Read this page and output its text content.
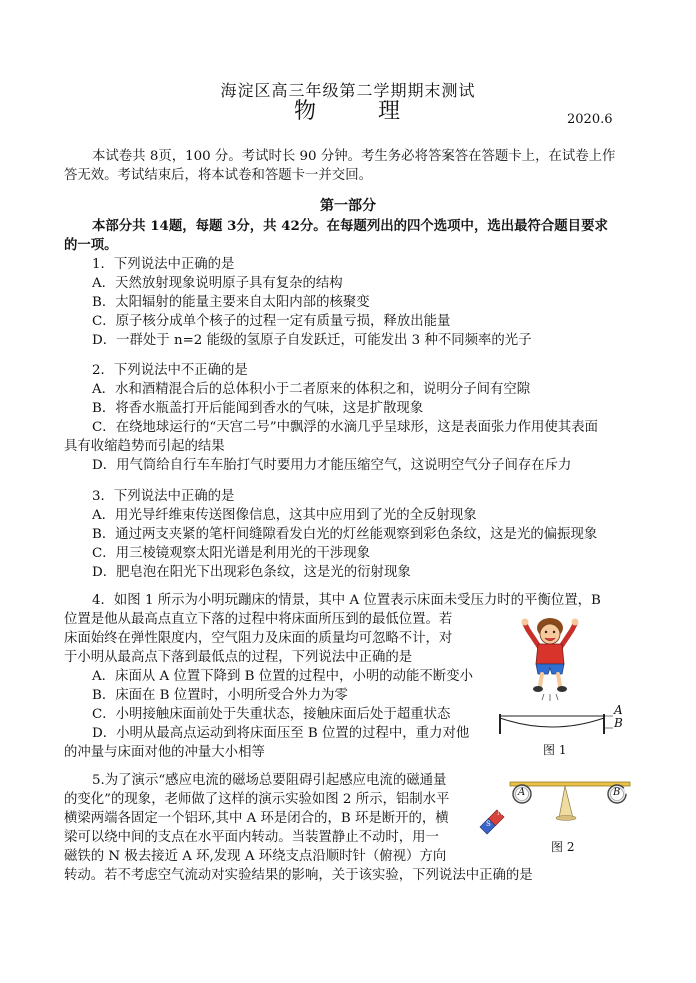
海淀区高三年级第二学期期末测试
物	理	2020.6
本试卷共 8页，100 分。考试时长 90 分钟。考生务必将答案答在答题卡上，在试卷上作
答无效。考试结束后，将本试卷和答题卡一并交回。
第一部分
本部分共 14题，每题 3分，共 42分。在每题列出的四个选项中，选出最符合题目要求
的一项。
1．下列说法中正确的是
A．天然放射现象说明原子具有复杂的结构
B．太阳辐射的能量主要来自太阳内部的核聚变
C．原子核分成单个核子的过程一定有质量亏损，释放出能量
D．一群处于 n=2 能级的氢原子自发跃迁，可能发出 3 种不同频率的光子
2．下列说法中不正确的是
A．水和酒精混合后的总体积小于二者原来的体积之和，说明分子间有空隙
B．将香水瓶盖打开后能闻到香水的气味，这是扩散现象
C．在绕地球运行的“天宫二号”中飘浮的水滴几乎呈球形，这是表面张力作用使其表面
具有收缩趋势而引起的结果
D．用气筒给自行车车胎打气时要用力才能压缩空气，这说明空气分子间存在斥力
3．下列说法中正确的是
A．用光导纤维束传送图像信息，这其中应用到了光的全反射现象
B．通过两支夹紧的笔杆间缝隙看发白光的灯丝能观察到彩色条纹，这是光的偏振现象
C．用三棱镜观察太阳光谱是利用光的干涉现象
D．肥皂泡在阳光下出现彩色条纹，这是光的衍射现象
4．如图 1 所示为小明玩蹦床的情景，其中 A 位置表示床面未受压力时的平衡位置，B
位置是他从最高点直立下落的过程中将床面所压到的最低位置。若
床面始终在弹性限度内，空气阻力及床面的质量均可忽略不计，对
于小明从最高点下落到最低点的过程，下列说法中正确的是
A．床面从 A 位置下降到 B 位置的过程中，小明的动能不断变小
B．床面在 B 位置时，小明所受合外力为零
C．小明接触床面前处于失重状态，接触床面后处于超重状态
D．小明从最高点运动到将床面压至 B 位置的过程中，重力对他
的冲量与床面对他的冲量大小相等
A
B
图 1
5.为了演示“感应电流的磁场总要阻碍引起感应电流的磁通量
的变化”的现象，老师做了这样的演示实验如图 2 所示，铝制水平
横梁两端各固定一个铝环,其中 A 环是闭合的，B 环是断开的，横
梁可以绕中间的支点在水平面内转动。当装置静止不动时，用一
磁铁的 N 极去接近 A 环,发现 A 环绕支点沿顺时针（俯视）方向
转动。若不考虑空气流动对实验结果的影响，关于该实验，下列说法中正确的是
A	B
N
S
图 2
